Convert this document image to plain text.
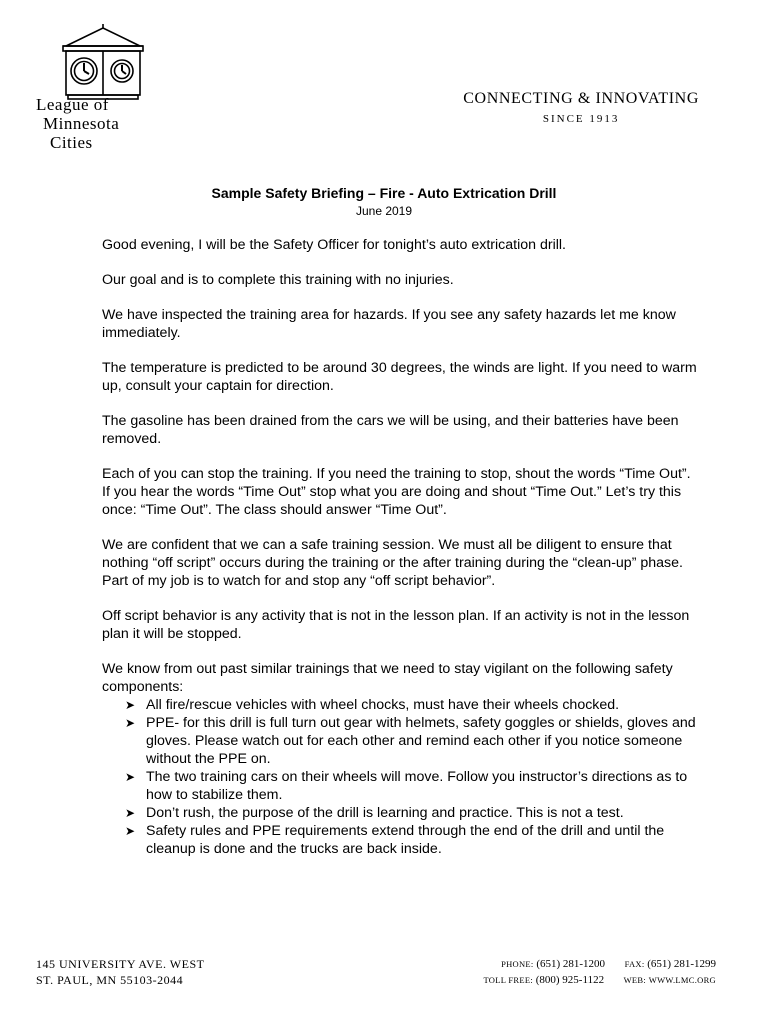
League of
Minnesota
Cities
CONNECTING & INNOVATING
SINCE 1913
Sample Safety Briefing – Fire - Auto Extrication Drill
June 2019

Good evening, I will be the Safety Officer for tonight’s auto extrication drill.

Our goal and is to complete this training with no injuries.

We have inspected the training area for hazards. If you see any safety hazards let me know immediately.

The temperature is predicted to be around 30 degrees, the winds are light. If you need to warm up, consult your captain for direction.

The gasoline has been drained from the cars we will be using, and their batteries have been removed.

Each of you can stop the training. If you need the training to stop, shout the words “Time Out”. If you hear the words “Time Out” stop what you are doing and shout “Time Out.” Let’s try this once: “Time Out”. The class should answer “Time Out”.

We are confident that we can a safe training session. We must all be diligent to ensure that nothing “off script” occurs during the training or the after training during the “clean-up” phase. Part of my job is to watch for and stop any “off script behavior”.

Off script behavior is any activity that is not in the lesson plan. If an activity is not in the lesson plan it will be stopped.

We know from out past similar trainings that we need to stay vigilant on the following safety components:

➤ All fire/rescue vehicles with wheel chocks, must have their wheels chocked.
➤ PPE- for this drill is full turn out gear with helmets, safety goggles or shields, gloves and gloves. Please watch out for each other and remind each other if you notice someone without the PPE on.
➤ The two training cars on their wheels will move. Follow you instructor’s directions as to how to stabilize them.
➤ Don’t rush, the purpose of the drill is learning and practice. This is not a test.
➤ Safety rules and PPE requirements extend through the end of the drill and until the cleanup is done and the trucks are back inside.
145 UNIVERSITY AVE. WEST
ST. PAUL, MN 55103-2044
PHONE: (651) 281-1200 FAX: (651) 281-1299
TOLL FREE: (800) 925-1122 WEB: WWW.LMC.ORG
